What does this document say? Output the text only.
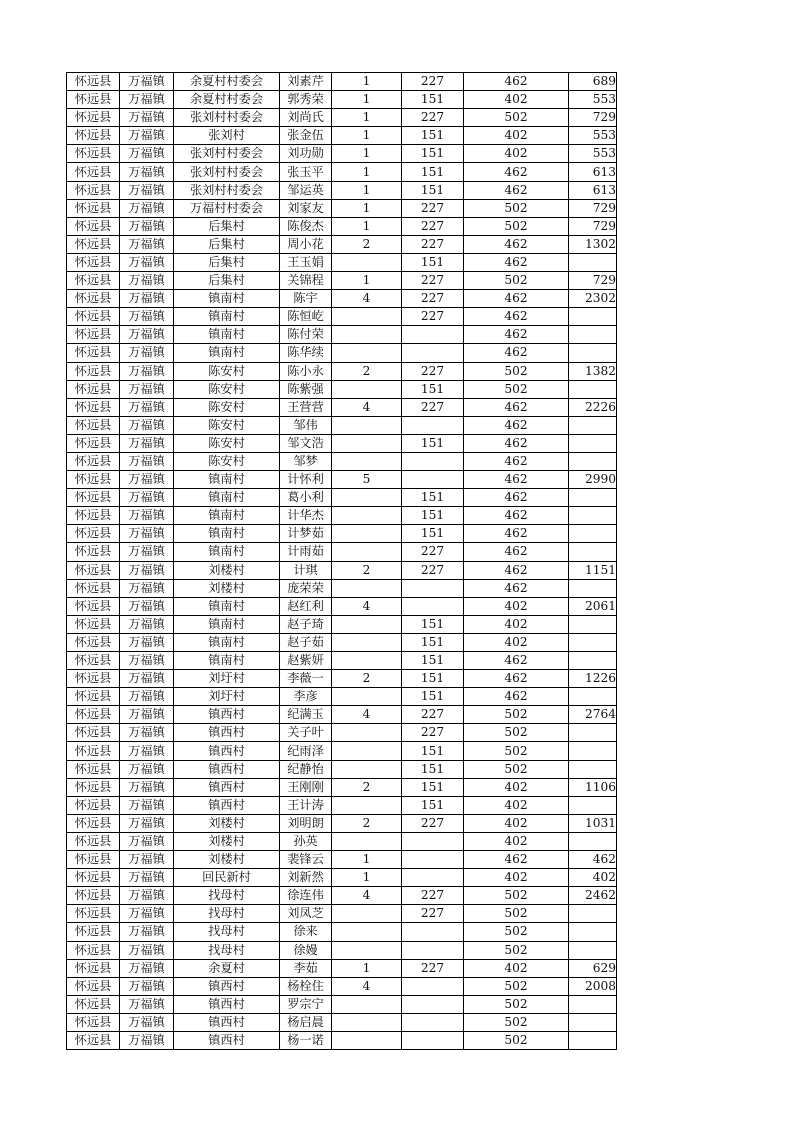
怀远县	万福镇	余夏村村委会	刘素芹	1	227	462	689
怀远县	万福镇	余夏村村委会	郭秀荣	1	151	402	553
怀远县	万福镇	张刘村村委会	刘尚氏	1	227	502	729
怀远县	万福镇	张刘村	张金伍	1	151	402	553
怀远县	万福镇	张刘村村委会	刘功勋	1	151	402	553
怀远县	万福镇	张刘村村委会	张玉平	1	151	462	613
怀远县	万福镇	张刘村村委会	邹运英	1	151	462	613
怀远县	万福镇	万福村村委会	刘家友	1	227	502	729
怀远县	万福镇	后集村	陈俊杰	1	227	502	729
怀远县	万福镇	后集村	周小花	2	227	462	1302
怀远县	万福镇	后集村	王玉娟		151	462	
怀远县	万福镇	后集村	关锦程	1	227	502	729
怀远县	万福镇	镇南村	陈宇	4	227	462	2302
怀远县	万福镇	镇南村	陈恒屹		227	462	
怀远县	万福镇	镇南村	陈付荣			462	
怀远县	万福镇	镇南村	陈华续			462	
怀远县	万福镇	陈安村	陈小永	2	227	502	1382
怀远县	万福镇	陈安村	陈紫强		151	502	
怀远县	万福镇	陈安村	王营营	4	227	462	2226
怀远县	万福镇	陈安村	邹伟			462	
怀远县	万福镇	陈安村	邹文浩		151	462	
怀远县	万福镇	陈安村	邹梦			462	
怀远县	万福镇	镇南村	计怀利	5		462	2990
怀远县	万福镇	镇南村	葛小利		151	462	
怀远县	万福镇	镇南村	计华杰		151	462	
怀远县	万福镇	镇南村	计梦茹		151	462	
怀远县	万福镇	镇南村	计雨茹		227	462	
怀远县	万福镇	刘楼村	计琪	2	227	462	1151
怀远县	万福镇	刘楼村	庞荣荣			462	
怀远县	万福镇	镇南村	赵红利	4		402	2061
怀远县	万福镇	镇南村	赵子琦		151	402	
怀远县	万福镇	镇南村	赵子茹		151	402	
怀远县	万福镇	镇南村	赵紫妍		151	462	
怀远县	万福镇	刘圩村	李薇一	2	151	462	1226
怀远县	万福镇	刘圩村	李彦		151	462	
怀远县	万福镇	镇西村	纪满玉	4	227	502	2764
怀远县	万福镇	镇西村	关子叶		227	502	
怀远县	万福镇	镇西村	纪雨泽		151	502	
怀远县	万福镇	镇西村	纪静怡		151	502	
怀远县	万福镇	镇西村	王刚刚	2	151	402	1106
怀远县	万福镇	镇西村	王计涛		151	402	
怀远县	万福镇	刘楼村	刘明朗	2	227	402	1031
怀远县	万福镇	刘楼村	孙英			402	
怀远县	万福镇	刘楼村	裴锋云	1		462	462
怀远县	万福镇	回民新村	刘新然	1		402	402
怀远县	万福镇	找母村	徐连伟	4	227	502	2462
怀远县	万福镇	找母村	刘凤芝		227	502	
怀远县	万福镇	找母村	徐来			502	
怀远县	万福镇	找母村	徐嫚			502	
怀远县	万福镇	余夏村	李茹	1	227	402	629
怀远县	万福镇	镇西村	杨栓住	4		502	2008
怀远县	万福镇	镇西村	罗宗宁			502	
怀远县	万福镇	镇西村	杨启晨			502	
怀远县	万福镇	镇西村	杨一诺			502	
